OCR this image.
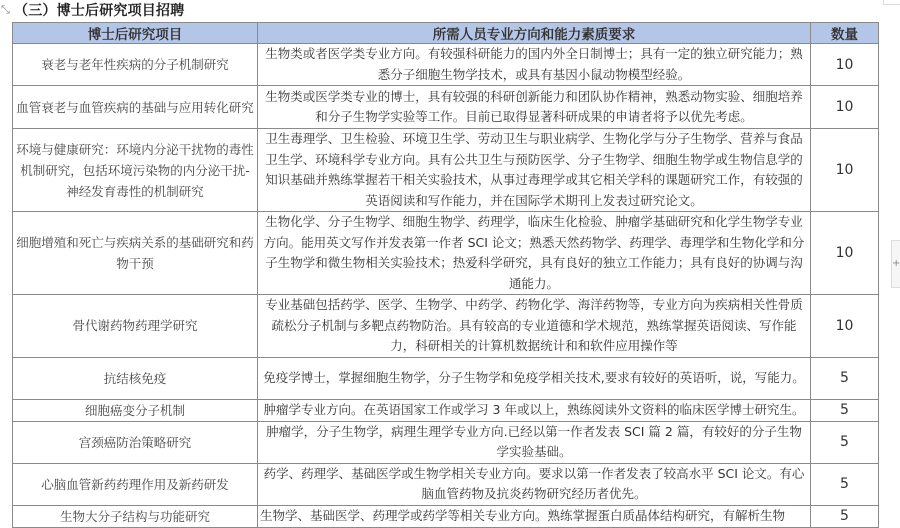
⤡ （三）博士后研究项目招聘
博士后研究项目	所需人员专业方向和能力素质要求	数量
衰老与老年性疾病的分子机制研究	生物类或者医学类专业方向。有较强科研能力的国内外全日制博士；具有一定的独立研究能力；熟悉分子细胞生物学技术，或具有基因小鼠动物模型经验。	10
血管衰老与血管疾病的基础与应用转化研究	生物类或医学类专业的博士，具有较强的科研创新能力和团队协作精神，熟悉动物实验、细胞培养和分子生物学实验等工作。目前已取得显著科研成果的申请者将予以优先考虑。	10
环境与健康研究：环境内分泌干扰物的毒性机制研究，包括环境污染物的内分泌干扰-神经发育毒性的机制研究	卫生毒理学、卫生检验、环境卫生学、劳动卫生与职业病学、生物化学与分子生物学、营养与食品卫生学、环境科学专业方向。具有公共卫生与预防医学、分子生物学、细胞生物学或生物信息学的知识基础并熟练掌握若干相关实验技术，从事过毒理学或其它相关学科的课题研究工作，有较强的英语阅读和写作能力，并在国际学术期刊上发表过研究论文。	10
细胞增殖和死亡与疾病关系的基础研究和药物干预	生物化学、分子生物学、细胞生物学、药理学，临床生化检验、肿瘤学基础研究和化学生物学专业方向。能用英文写作并发表第一作者 SCI 论文；熟悉天然药物学、药理学、毒理学和生物化学和分子生物学和微生物相关实验技术；热爱科学研究，具有良好的独立工作能力；具有良好的协调与沟通能力。	10
骨代谢药物药理学研究	专业基础包括药学、医学、生物学、中药学、药物化学、海洋药物等，专业方向为疾病相关性骨质疏松分子机制与多靶点药物防治。具有较高的专业道德和学术规范，熟练掌握英语阅读、写作能力，科研相关的计算机数据统计和和软件应用操作等	10
抗结核免疫	免疫学博士，掌握细胞生物学，分子生物学和免疫学相关技术,要求有较好的英语听，说，写能力。	5
细胞癌变分子机制	肿瘤学专业方向。在英语国家工作或学习 3 年或以上，熟练阅读外文资料的临床医学博士研究生。	5
宫颈癌防治策略研究	肿瘤学，分子生物学，病理生理学专业方向.已经以第一作者发表 SCI 篇 2 篇，有较好的分子生物学实验基础。	5
心脑血管新药药理作用及新药研发	药学、药理学、基础医学或生物学相关专业方向。要求以第一作者发表了较高水平 SCI 论文。有心脑血管药物及抗炎药物研究经历者优先。	5
生物大分子结构与功能研究	生物学、基础医学、药理学或药学等相关专业方向。熟练掌握蛋白质晶体结构研究，有解析生物	5
+
